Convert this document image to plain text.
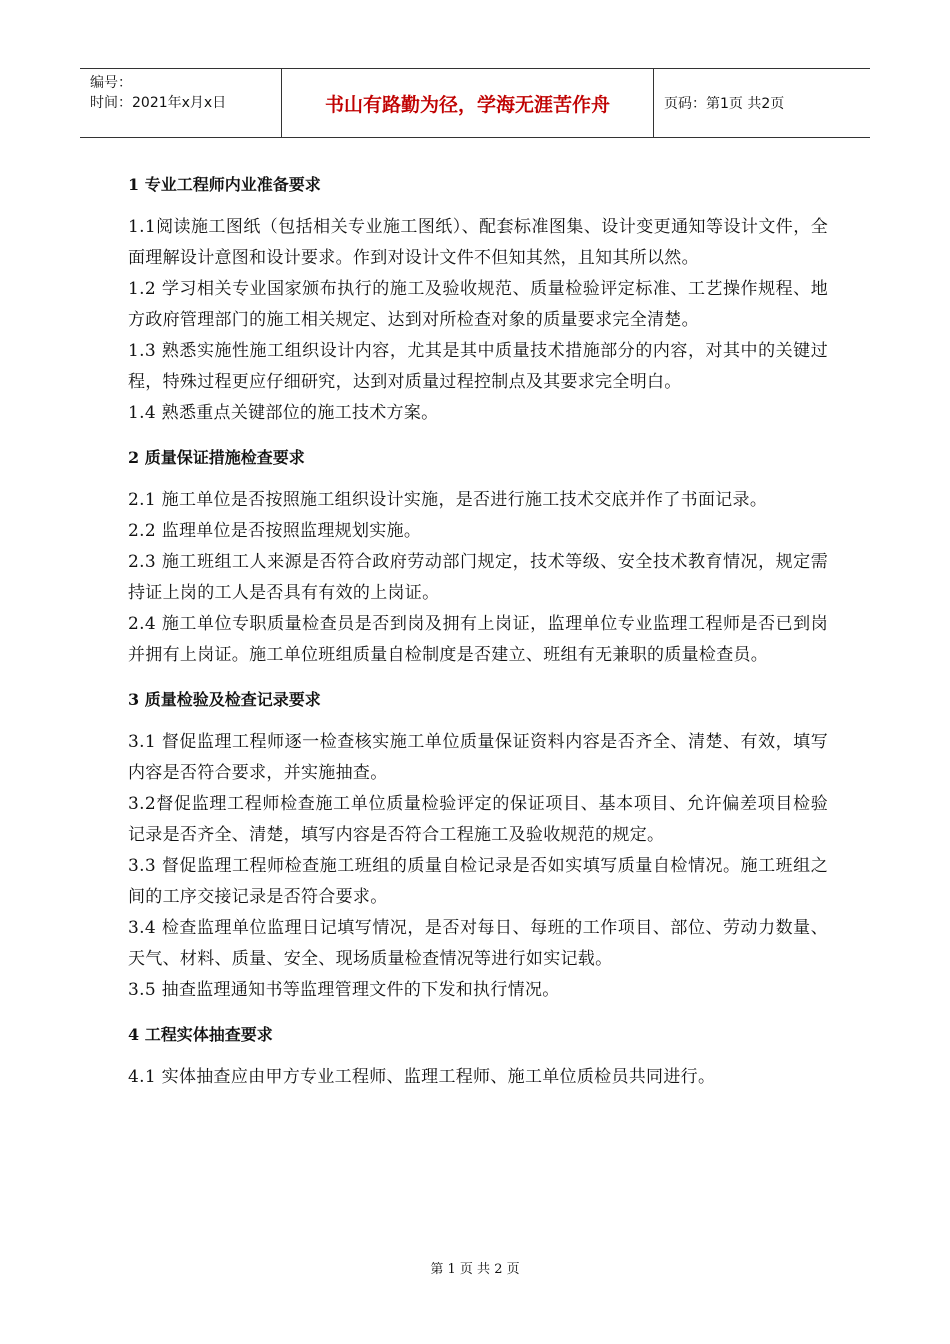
编号：
时间：2021年x月x日	书山有路勤为径，学海无涯苦作舟	页码：第1页 共2页
1 专业工程师内业准备要求

1.1阅读施工图纸（包括相关专业施工图纸）、配套标准图集、设计变更通知等设计文件，全面理解设计意图和设计要求。作到对设计文件不但知其然，且知其所以然。

1.2 学习相关专业国家颁布执行的施工及验收规范、质量检验评定标准、工艺操作规程、地方政府管理部门的施工相关规定、达到对所检查对象的质量要求完全清楚。

1.3 熟悉实施性施工组织设计内容，尤其是其中质量技术措施部分的内容，对其中的关键过程，特殊过程更应仔细研究，达到对质量过程控制点及其要求完全明白。

1.4 熟悉重点关键部位的施工技术方案。

2 质量保证措施检查要求

2.1 施工单位是否按照施工组织设计实施，是否进行施工技术交底并作了书面记录。

2.2 监理单位是否按照监理规划实施。

2.3 施工班组工人来源是否符合政府劳动部门规定，技术等级、安全技术教育情况，规定需持证上岗的工人是否具有有效的上岗证。

2.4 施工单位专职质量检查员是否到岗及拥有上岗证，监理单位专业监理工程师是否已到岗并拥有上岗证。施工单位班组质量自检制度是否建立、班组有无兼职的质量检查员。

3 质量检验及检查记录要求

3.1 督促监理工程师逐一检查核实施工单位质量保证资料内容是否齐全、清楚、有效，填写内容是否符合要求，并实施抽查。

3.2督促监理工程师检查施工单位质量检验评定的保证项目、基本项目、允许偏差项目检验记录是否齐全、清楚，填写内容是否符合工程施工及验收规范的规定。

3.3 督促监理工程师检查施工班组的质量自检记录是否如实填写质量自检情况。施工班组之间的工序交接记录是否符合要求。

3.4 检查监理单位监理日记填写情况，是否对每日、每班的工作项目、部位、劳动力数量、天气、材料、质量、安全、现场质量检查情况等进行如实记载。

3.5 抽查监理通知书等监理管理文件的下发和执行情况。

4 工程实体抽查要求

4.1 实体抽查应由甲方专业工程师、监理工程师、施工单位质检员共同进行。

第 1 页 共 2 页
